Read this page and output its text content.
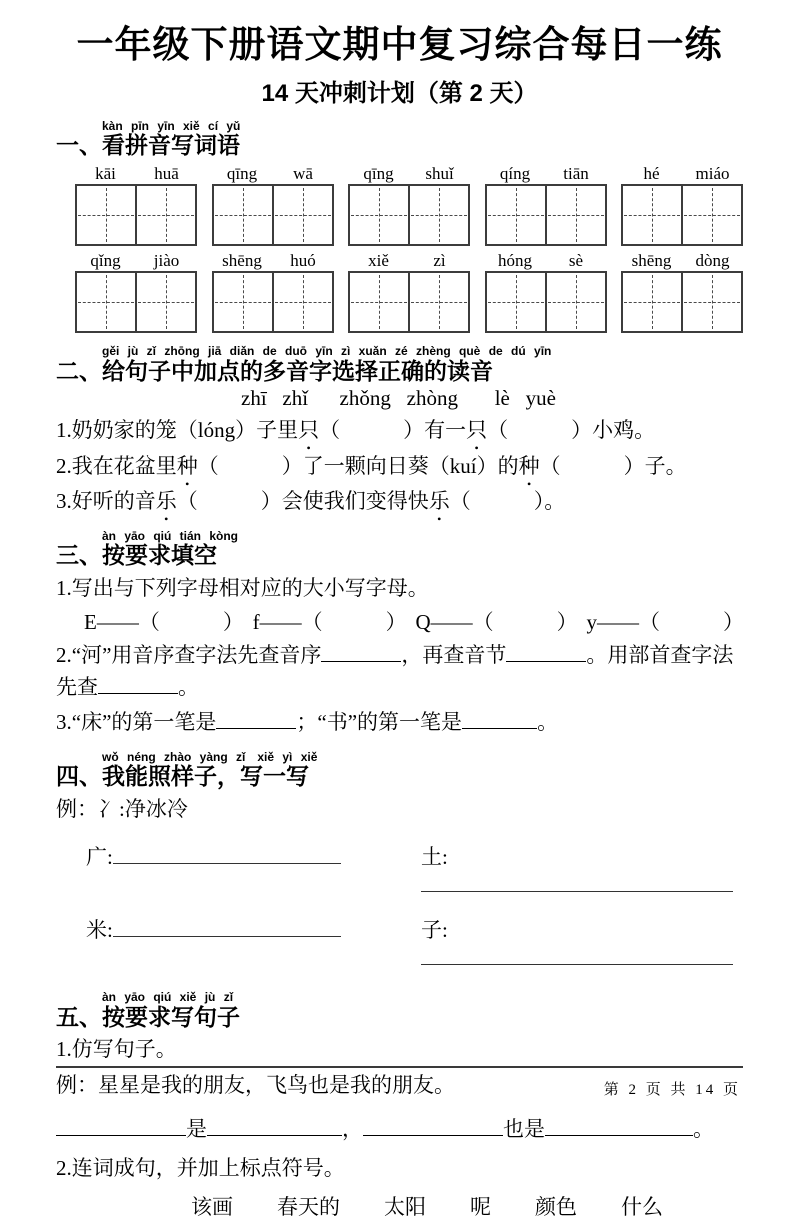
一年级下册语文期中复习综合每日一练
14 天冲刺计划（第 2 天）
kàn pīn yīn xiě cí yǔ
一、看拼音写词语
kāi	huā	qīng	wā	qīng	shuǐ	qíng	tiān	hé	miáo
qǐng	jiào	shēng	huó	xiě	zì	hóng	sè	shēng	dòng
gěi jù zǐ zhōng jiā diǎn de duō yīn zì xuǎn zé zhèng què de dú yīn
二、给句子中加点的多音字选择正确的读音
zhī   zhǐ      zhǒng   zhòng       lè   yuè

1.奶奶家的笼（lóng）子里只（　　　）有一只（　　　）小鸡。

2.我在花盆里种（　　　）了一颗向日葵（kuí）的种（　　　）子。

3.好听的音乐（　　　）会使我们变得快乐（　　　）。

àn yāo qiú tián kòng
三、按要求填空

1.写出与下列字母相对应的大小写字母。

E——（　　　） f——（　　　） Q——（　　　） y——（　　　）

2.“河”用音序查字法先查音序	，再查音节	。用部首查字法先查	。

3.“床”的第一笔是	；“书”的第一笔是	。

wǒ néng zhào yàng zǐ　xiě yì xiě
四、我能照样子，写一写

例：冫:净冰冷

广:	土:
米:	子:
àn yāo qiú xiě jù zǐ
五、按要求写句子

1.仿写句子。

例：星星是我的朋友，飞鸟也是我的朋友。

是	，	也是	。

2.连词成句，并加上标点符号。

该画 春天的 太阳 呢 颜色 什么
第 2 页 共 14 页
